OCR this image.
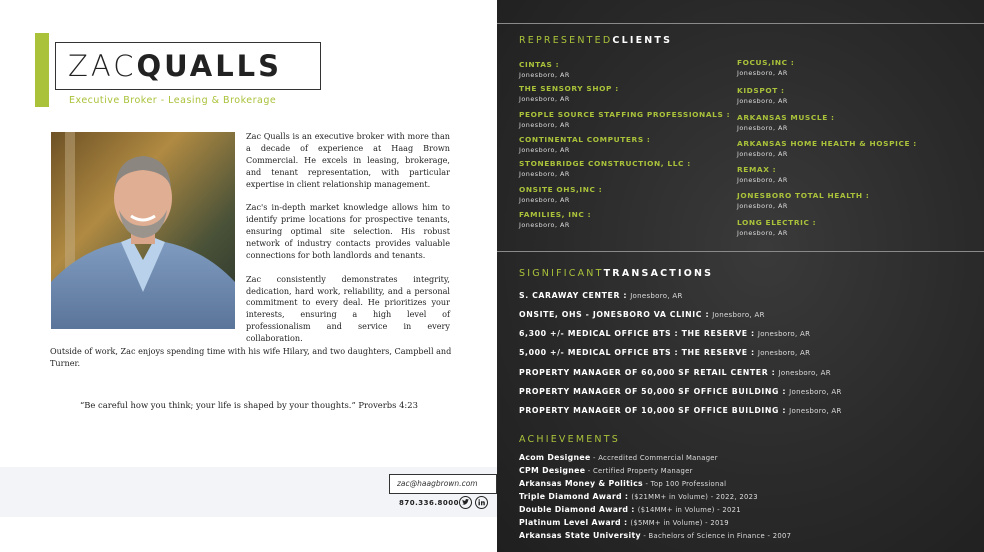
ZACQUALLS
Executive Broker - Leasing & Brokerage

Zac Qualls is an executive broker with more than a decade of experience at Haag Brown Commercial. He excels in leasing, brokerage, and tenant representation, with particular expertise in client relationship management.

Zac's in-depth market knowledge allows him to identify prime locations for prospective tenants, ensuring optimal site selection. His robust network of industry contacts provides valuable connections for both landlords and tenants.

Zac consistently demonstrates integrity, dedication, hard work, reliability, and a personal commitment to every deal. He prioritizes your interests, ensuring a high level of professionalism and service in every collaboration.

Outside of work, Zac enjoys spending time with his wife Hilary, and two daughters, Campbell and Turner.
“Be careful how you think; your life is shaped by your thoughts.” Proverbs 4:23
zac@haagbrown.com
870.336.8000
REPRESENTEDCLIENTS
CINTAS :
Jonesboro, AR
THE SENSORY SHOP :
Jonesboro, AR
PEOPLE SOURCE STAFFING PROFESSIONALS :
Jonesboro, AR
CONTINENTAL COMPUTERS :
Jonesboro, AR
STONEBRIDGE CONSTRUCTION, LLC :
Jonesboro, AR
ONSITE OHS,INC :
Jonesboro, AR
FAMILIES, INC :
Jonesboro, AR
FOCUS,INC :
Jonesboro, AR
KIDSPOT :
Jonesboro, AR
ARKANSAS MUSCLE :
Jonesboro, AR
ARKANSAS HOME HEALTH & HOSPICE :
Jonesboro, AR
REMAX :
Jonesboro, AR
JONESBORO TOTAL HEALTH :
Jonesboro, AR
LONG ELECTRIC :
Jonesboro, AR
SIGNIFICANTTRANSACTIONS
S. CARAWAY CENTER : Jonesboro, AR
ONSITE, OHS - JONESBORO VA CLINIC : Jonesboro, AR
6,300 +/- MEDICAL OFFICE BTS : THE RESERVE : Jonesboro, AR
5,000 +/- MEDICAL OFFICE BTS : THE RESERVE : Jonesboro, AR
PROPERTY MANAGER OF 60,000 SF RETAIL CENTER : Jonesboro, AR
PROPERTY MANAGER OF 50,000 SF OFFICE BUILDING : Jonesboro, AR
PROPERTY MANAGER OF 10,000 SF OFFICE BUILDING : Jonesboro, AR
ACHIEVEMENTS
Acom Designee - Accredited Commercial Manager
CPM Designee - Certified Property Manager
Arkansas Money & Politics - Top 100 Professional
Triple Diamond Award : ($21MM+ in Volume) - 2022, 2023
Double Diamond Award : ($14MM+ in Volume) - 2021
Platinum Level Award : ($5MM+ in Volume) - 2019
Arkansas State University - Bachelors of Science in Finance - 2007
